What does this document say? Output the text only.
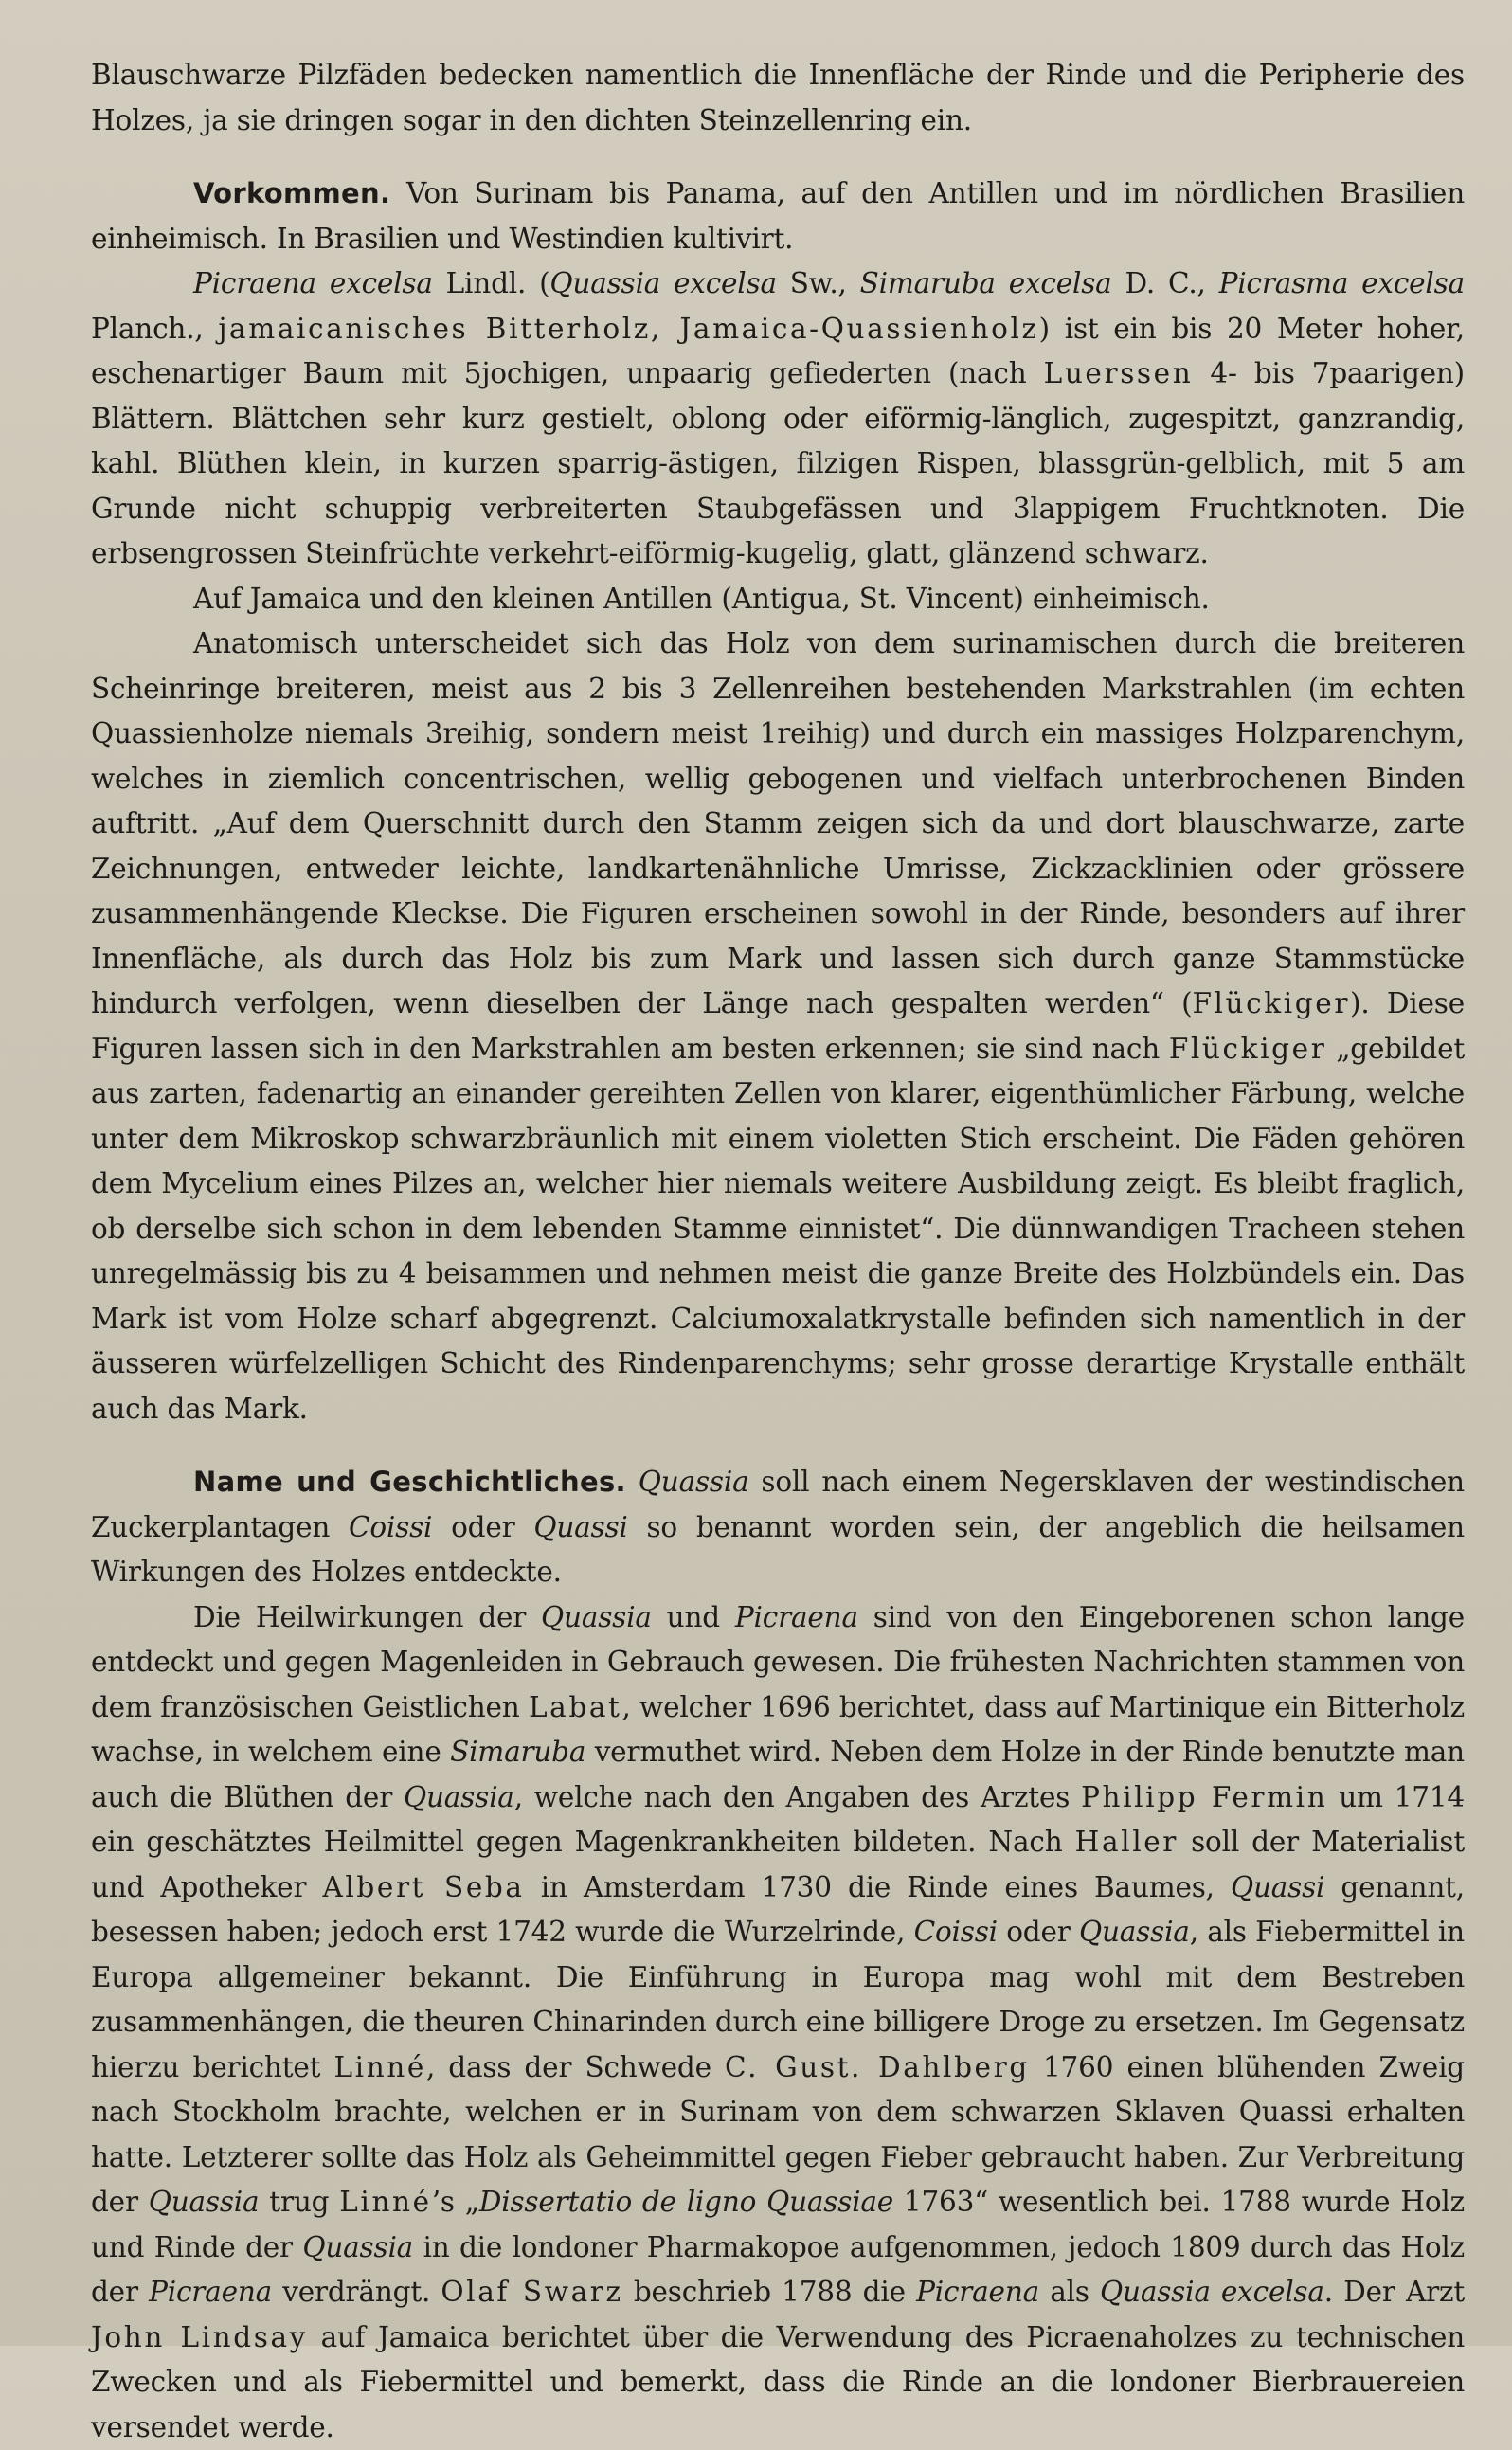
Blauschwarze Pilzfäden bedecken namentlich die Innenfläche der Rinde und die Peripherie des Holzes, ja sie dringen sogar in den dichten Steinzellenring ein.

Vorkommen. Von Surinam bis Panama, auf den Antillen und im nördlichen Brasilien einheimisch. In Brasilien und Westindien kultivirt.

Picraena excelsa Lindl. (Quassia excelsa Sw., Simaruba excelsa D. C., Picrasma excelsa Planch., jamaicanisches Bitterholz, Jamaica-Quassienholz) ist ein bis 20 Meter hoher, eschenartiger Baum mit 5jochigen, unpaarig gefiederten (nach Luerssen 4- bis 7paarigen) Blättern. Blättchen sehr kurz gestielt, oblong oder eiförmig-länglich, zugespitzt, ganzrandig, kahl. Blüthen klein, in kurzen sparrig-ästigen, filzigen Rispen, blassgrün-gelblich, mit 5 am Grunde nicht schuppig verbreiterten Staubgefässen und 3lappigem Fruchtknoten. Die erbsengrossen Steinfrüchte verkehrt-eiförmig-kugelig, glatt, glänzend schwarz.

Auf Jamaica und den kleinen Antillen (Antigua, St. Vincent) einheimisch.

Anatomisch unterscheidet sich das Holz von dem surinamischen durch die breiteren Scheinringe breiteren, meist aus 2 bis 3 Zellenreihen bestehenden Markstrahlen (im echten Quassienholze niemals 3reihig, sondern meist 1reihig) und durch ein massiges Holzparenchym, welches in ziemlich concentrischen, wellig gebogenen und vielfach unterbrochenen Binden auftritt. „Auf dem Querschnitt durch den Stamm zeigen sich da und dort blauschwarze, zarte Zeichnungen, entweder leichte, landkartenähnliche Umrisse, Zickzacklinien oder grössere zusammenhängende Kleckse. Die Figuren erscheinen sowohl in der Rinde, besonders auf ihrer Innenfläche, als durch das Holz bis zum Mark und lassen sich durch ganze Stammstücke hindurch verfolgen, wenn dieselben der Länge nach gespalten werden“ (Flückiger). Diese Figuren lassen sich in den Markstrahlen am besten erkennen; sie sind nach Flückiger „gebildet aus zarten, fadenartig an einander gereihten Zellen von klarer, eigenthümlicher Färbung, welche unter dem Mikroskop schwarzbräunlich mit einem violetten Stich erscheint. Die Fäden gehören dem Mycelium eines Pilzes an, welcher hier niemals weitere Ausbildung zeigt. Es bleibt fraglich, ob derselbe sich schon in dem lebenden Stamme einnistet“. Die dünnwandigen Tracheen stehen unregelmässig bis zu 4 beisammen und nehmen meist die ganze Breite des Holzbündels ein. Das Mark ist vom Holze scharf abgegrenzt. Calciumoxalatkrystalle befinden sich namentlich in der äusseren würfelzelligen Schicht des Rindenparenchyms; sehr grosse derartige Krystalle enthält auch das Mark.

Name und Geschichtliches. Quassia soll nach einem Negersklaven der westindischen Zuckerplantagen Coissi oder Quassi so benannt worden sein, der angeblich die heilsamen Wirkungen des Holzes entdeckte.

Die Heilwirkungen der Quassia und Picraena sind von den Eingeborenen schon lange entdeckt und gegen Magenleiden in Gebrauch gewesen. Die frühesten Nachrichten stammen von dem französischen Geistlichen Labat, welcher 1696 berichtet, dass auf Martinique ein Bitterholz wachse, in welchem eine Simaruba vermuthet wird. Neben dem Holze in der Rinde benutzte man auch die Blüthen der Quassia, welche nach den Angaben des Arztes Philipp Fermin um 1714 ein geschätztes Heilmittel gegen Magenkrankheiten bildeten. Nach Haller soll der Materialist und Apotheker Albert Seba in Amsterdam 1730 die Rinde eines Baumes, Quassi genannt, besessen haben; jedoch erst 1742 wurde die Wurzelrinde, Coissi oder Quassia, als Fiebermittel in Europa allgemeiner bekannt. Die Einführung in Europa mag wohl mit dem Bestreben zusammenhängen, die theuren Chinarinden durch eine billigere Droge zu ersetzen. Im Gegensatz hierzu berichtet Linné, dass der Schwede C. Gust. Dahlberg 1760 einen blühenden Zweig nach Stockholm brachte, welchen er in Surinam von dem schwarzen Sklaven Quassi erhalten hatte. Letzterer sollte das Holz als Geheimmittel gegen Fieber gebraucht haben. Zur Verbreitung der Quassia trug Linné’s „Dissertatio de ligno Quassiae 1763“ wesentlich bei. 1788 wurde Holz und Rinde der Quassia in die londoner Pharmakopoe aufgenommen, jedoch 1809 durch das Holz der Picraena verdrängt. Olaf Swarz beschrieb 1788 die Picraena als Quassia excelsa. Der Arzt John Lindsay auf Jamaica berichtet über die Verwendung des Picraenaholzes zu technischen Zwecken und als Fiebermittel und bemerkt, dass die Rinde an die londoner Bierbrauereien versendet werde.
